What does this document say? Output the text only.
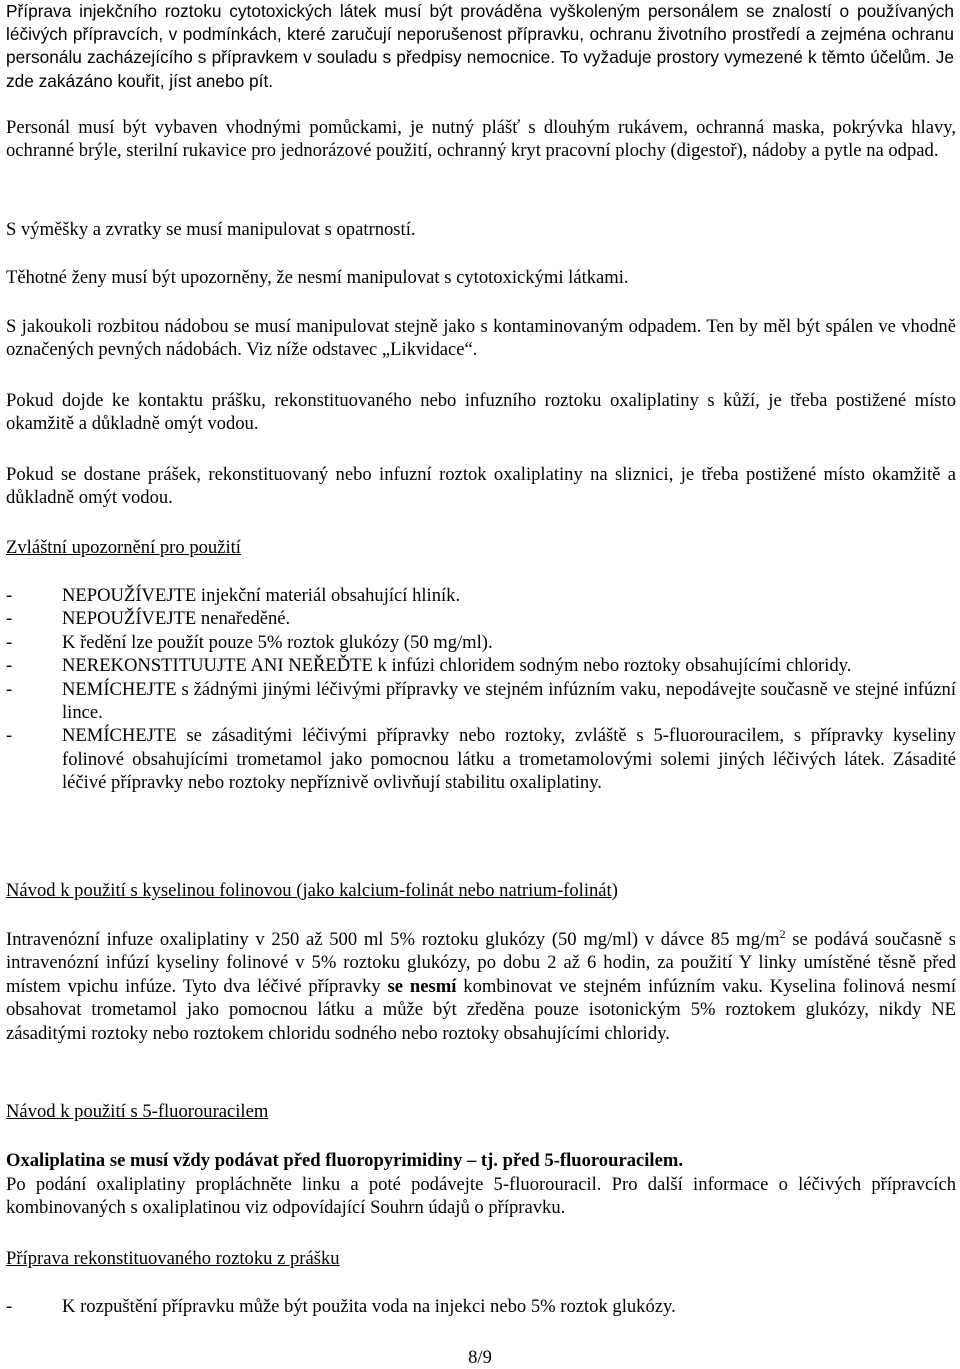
Příprava injekčního roztoku cytotoxických látek musí být prováděna vyškoleným personálem se znalostí o používaných léčivých přípravcích, v podmínkách, které zaručují neporušenost přípravku, ochranu životního prostředí a zejména ochranu personálu zacházejícího s přípravkem v souladu s předpisy nemocnice. To vyžaduje prostory vymezené k těmto účelům. Je zde zakázáno kouřit, jíst anebo pít.

Personál musí být vybaven vhodnými pomůckami, je nutný plášť s dlouhým rukávem, ochranná maska, pokrývka hlavy, ochranné brýle, sterilní rukavice pro jednorázové použití, ochranný kryt pracovní plochy (digestoř), nádoby a pytle na odpad.

S výměšky a zvratky se musí manipulovat s opatrností.

Těhotné ženy musí být upozorněny, že nesmí manipulovat s cytotoxickými látkami.

S jakoukoli rozbitou nádobou se musí manipulovat stejně jako s kontaminovaným odpadem. Ten by měl být spálen ve vhodně označených pevných nádobách. Viz níže odstavec „Likvidace“.

Pokud dojde ke kontaktu prášku, rekonstituovaného nebo infuzního roztoku oxaliplatiny s kůží, je třeba postižené místo okamžitě a důkladně omýt vodou.

Pokud se dostane prášek, rekonstituovaný nebo infuzní roztok oxaliplatiny na sliznici, je třeba postižené místo okamžitě a důkladně omýt vodou.

Zvláštní upozornění pro použití

-	NEPOUŽÍVEJTE injekční materiál obsahující hliník.
-	NEPOUŽÍVEJTE nenaředěné.
-	K ředění lze použít pouze 5% roztok glukózy (50 mg/ml).
-	NEREKONSTITUUJTE ANI NEŘEĎTE k infúzi chloridem sodným nebo roztoky obsahujícími chloridy.
-	NEMÍCHEJTE s žádnými jinými léčivými přípravky ve stejném infúzním vaku, nepodávejte současně ve stejné infúzní lince.
-	NEMÍCHEJTE se zásaditými léčivými přípravky nebo roztoky, zvláště s 5-fluorouracilem, s přípravky kyseliny folinové obsahujícími trometamol jako pomocnou látku a trometamolovými solemi jiných léčivých látek. Zásadité léčivé přípravky nebo roztoky nepříznivě ovlivňují stabilitu oxaliplatiny.

Návod k použití s kyselinou folinovou (jako kalcium-folinát nebo natrium-folinát)

Intravenózní infuze oxaliplatiny v 250 až 500 ml 5% roztoku glukózy (50 mg/ml) v dávce 85 $mg/m^2$ se podává současně s intravenózní infúzí kyseliny folinové v 5% roztoku glukózy, po dobu 2 až 6 hodin, za použití Y linky umístěné těsně před místem vpichu infúze. Tyto dva léčivé přípravky se nesmí kombinovat ve stejném infúzním vaku. Kyselina folinová nesmí obsahovat trometamol jako pomocnou látku a může být zředěna pouze isotonickým 5% roztokem glukózy, nikdy NE zásaditými roztoky nebo roztokem chloridu sodného nebo roztoky obsahujícími chloridy.

Návod k použití s 5-fluorouracilem

Oxaliplatina se musí vždy podávat před fluoropyrimidiny – tj. před 5-fluorouracilem.

Po podání oxaliplatiny propláchněte linku a poté podávejte 5-fluorouracil. Pro další informace o léčivých přípravcích kombinovaných s oxaliplatinou viz odpovídající Souhrn údajů o přípravku.

Příprava rekonstituovaného roztoku z prášku

-	K rozpuštění přípravku může být použita voda na injekci nebo 5% roztok glukózy.
8/9
